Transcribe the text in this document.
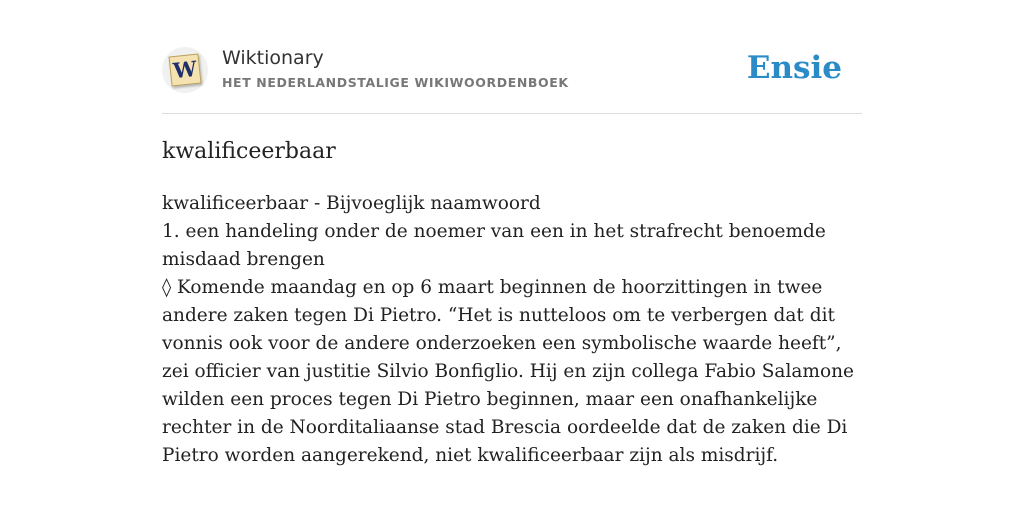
W Wiktionary
HET NEDERLANDSTALIGE WIKIWOORDENBOEK	Ensie
kwalificeerbaar

kwalificeerbaar - Bijvoeglijk naamwoord

1. een handeling onder de noemer van een in het strafrecht benoemde misdaad brengen

◊ Komende maandag en op 6 maart beginnen de hoorzittingen in twee andere zaken tegen Di Pietro. “Het is nutteloos om te verbergen dat dit vonnis ook voor de andere onderzoeken een symbolische waarde heeft”, zei officier van justitie Silvio Bonfiglio. Hij en zijn collega Fabio Salamone wilden een proces tegen Di Pietro beginnen, maar een onafhankelijke rechter in de Noorditaliaanse stad Brescia oordeelde dat de zaken die Di Pietro worden aangerekend, niet kwalificeerbaar zijn als misdrijf.
